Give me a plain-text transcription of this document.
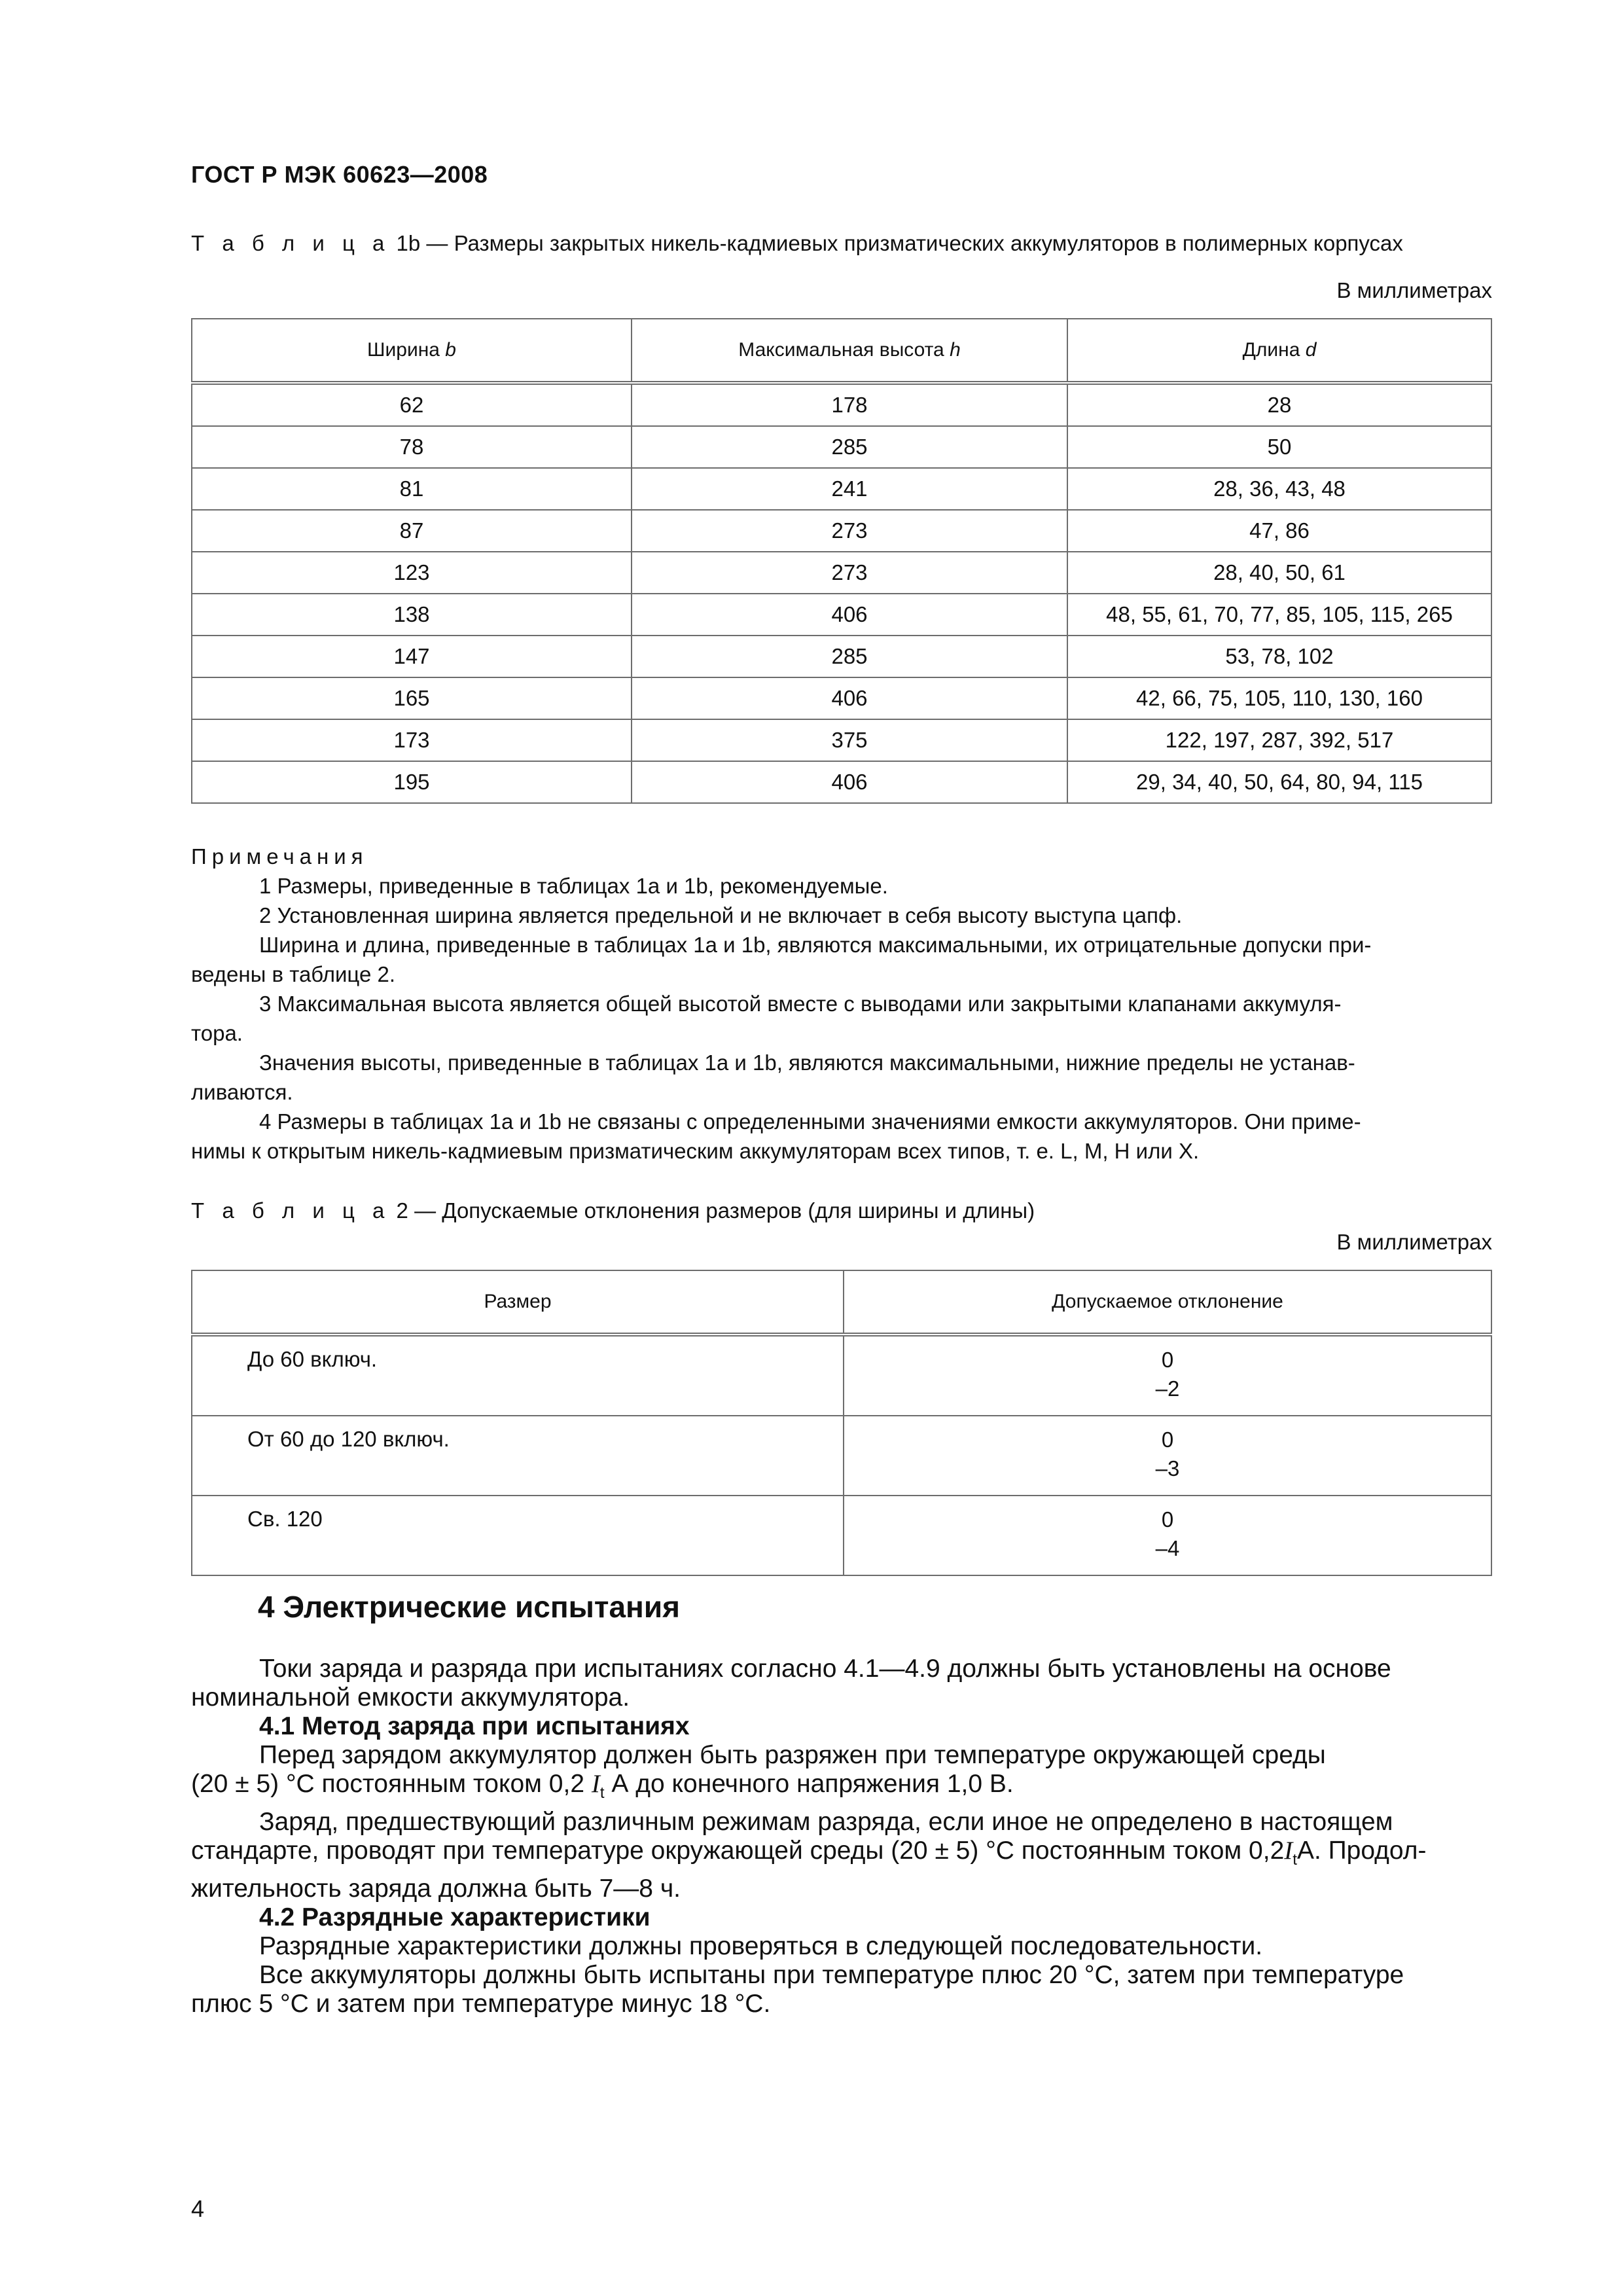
ГОСТ Р МЭК 60623—2008
Т а б л и ц а 1b — Размеры закрытых никель-кадмиевых призматических аккумуляторов в полимерных корпусах
В миллиметрах
Ширина b	Максимальная высота h	Длина d
62	178	28
78	285	50
81	241	28, 36, 43, 48
87	273	47, 86
123	273	28, 40, 50, 61
138	406	48, 55, 61, 70, 77, 85, 105, 115, 265
147	285	53, 78, 102
165	406	42, 66, 75, 105, 110, 130, 160
173	375	122, 197, 287, 392, 517
195	406	29, 34, 40, 50, 64, 80, 94, 115

Примечания

1 Размеры, приведенные в таблицах 1а и 1b, рекомендуемые.

2 Установленная ширина является предельной и не включает в себя высоту выступа цапф.

Ширина и длина, приведенные в таблицах 1а и 1b, являются максимальными, их отрицательные допуски при-

ведены в таблице 2.

3 Максимальная высота является общей высотой вместе с выводами или закрытыми клапанами аккумуля-

тора.

Значения высоты, приведенные в таблицах 1а и 1b, являются максимальными, нижние пределы не устанав-

ливаются.

4 Размеры в таблицах 1а и 1b не связаны с определенными значениями емкости аккумуляторов. Они приме-

нимы к открытым никель-кадмиевым призматическим аккумуляторам всех типов, т. е. L, M, H или X.

Т а б л и ц а 2 — Допускаемые отклонения размеров (для ширины и длины)
В миллиметрах
Размер	Допускаемое отклонение
До 60 включ.	0
–2

От 60 до 120 включ.	0
–3

Св. 120	0
–4
4 Электрические испытания

Токи заряда и разряда при испытаниях согласно 4.1—4.9 должны быть установлены на основе

номинальной емкости аккумулятора.

4.1 Метод заряда при испытаниях

Перед зарядом аккумулятор должен быть разряжен при температуре окружающей среды

(20 ± 5) °С постоянным током 0,2 $I_t$ А до конечного напряжения 1,0 В.

Заряд, предшествующий различным режимам разряда, если иное не определено в настоящем

стандарте, проводят при температуре окружающей среды (20 ± 5) °С постоянным током $0,2I_tА$. Продол-

жительность заряда должна быть 7—8 ч.

4.2 Разрядные характеристики

Разрядные характеристики должны проверяться в следующей последовательности.

Все аккумуляторы должны быть испытаны при температуре плюс 20 °С, затем при температуре

плюс 5 °С и затем при температуре минус 18 °С.

4
